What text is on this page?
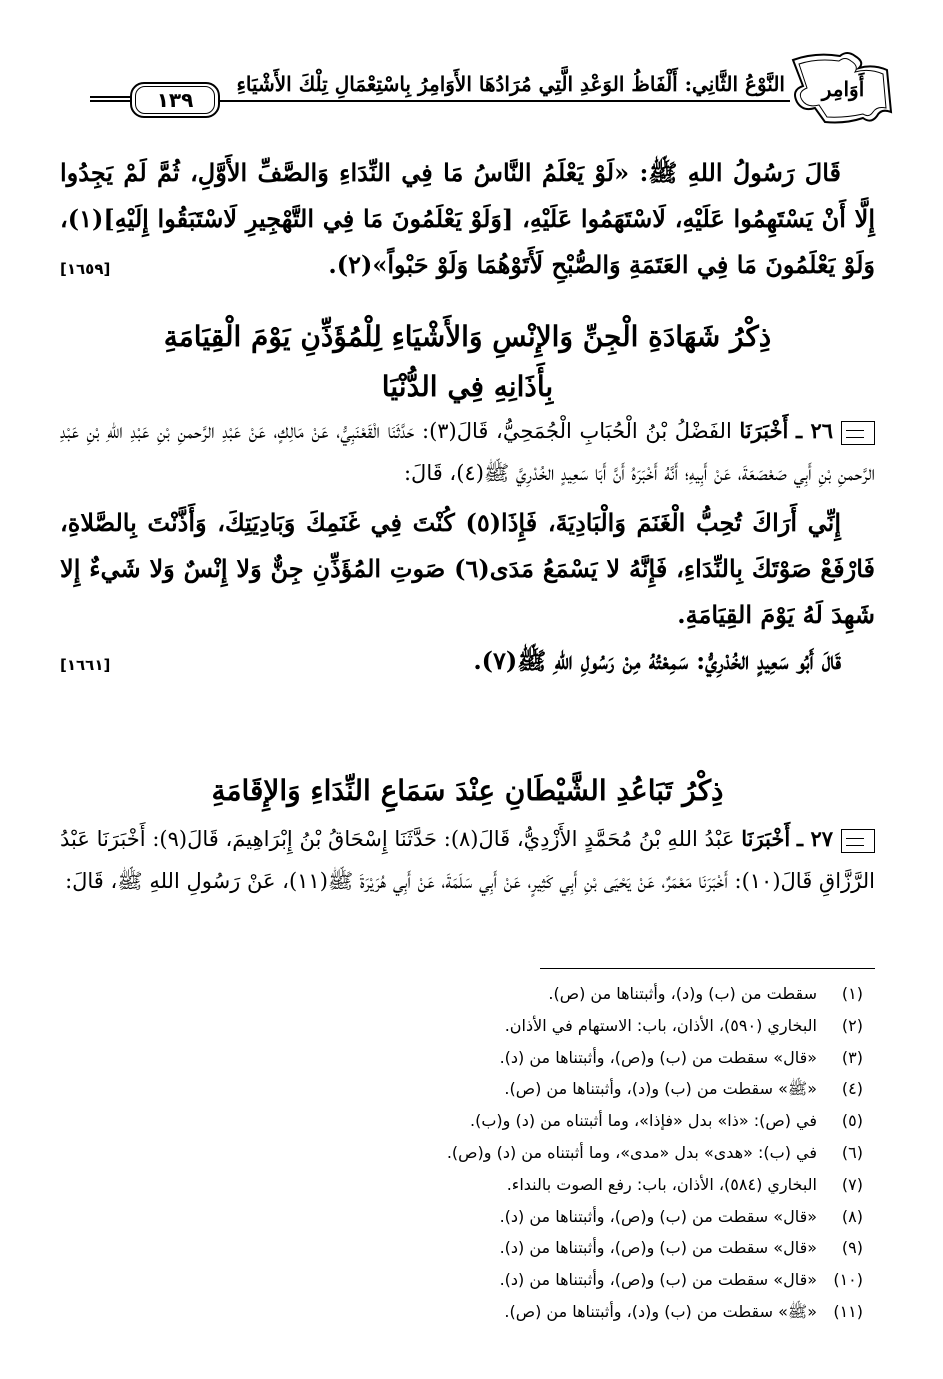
النَّوْعُ الثَّانِي: أَلْفَاظُ الوَعْدِ الَّتِي مُرَادُهَا الأَوَامِرُ بِاسْتِعْمَالِ تِلْكَ الأَشْيَاءِ
١٣٩	أَوَامِر

قَالَ رَسُولُ اللهِ ﷺ: «لَوْ يَعْلَمُ النَّاسُ مَا فِي النِّدَاءِ وَالصَّفِّ الأَوَّلِ، ثُمَّ لَمْ يَجِدُوا إِلَّا أَنْ يَسْتَهِمُوا عَلَيْهِ، لَاسْتَهَمُوا عَلَيْهِ، [وَلَوْ يَعْلَمُونَ مَا فِي التَّهْجِيرِ لَاسْتَبَقُوا إِلَيْهِ](١)، وَلَوْ يَعْلَمُونَ مَا فِي العَتَمَةِ وَالصُّبْحِ لَأَتَوْهُمَا وَلَوْ حَبْواً»(٢).
[١٦٥٩]

ذِكْرُ شَهَادَةِ الْجِنِّ وَالإِنْسِ وَالأَشْيَاءِ لِلْمُؤَذِّنِ يَوْمَ الْقِيَامَةِ
بِأَذَانِهِ فِي الدُّنْيَا

٢٦ ـ أَخْبَرَنَا الفَضْلُ بْنُ الْحُبَابِ الْجُمَحِيُّ، قَالَ(٣): حَدَّثَنَا الْقَعْنَبِيُّ، عَنْ مَالِكٍ، عَنْ عَبْدِ الرَّحمنِ بْنِ عَبْدِ اللهِ بْنِ عَبْدِ الرَّحمنِ بْنِ أَبِي صَعْصَعَةَ، عَنْ أَبِيهِ؛ أَنَّهُ أَخْبَرَهُ أَنَّ أَبَا سَعِيدٍ الخُدْرِيَّ ﷺ(٤)، قَالَ:

إِنِّي أَرَاكَ تُحِبُّ الْغَنَمَ وَالْبَادِيَةَ، فَإِذَا(٥) كُنْتَ فِي غَنَمِكَ وَبَادِيَتِكَ، وَأَذَّنْتَ بِالصَّلاةِ، فَارْفَعْ صَوْتَكَ بِالنِّدَاءِ، فَإِنَّهُ لا يَسْمَعُ مَدَى(٦) صَوتِ المُؤَذِّنِ جِنٌّ وَلا إِنْسٌ وَلا شَيءٌ إِلا شَهِدَ لَهُ يَوْمَ القِيَامَةِ.

قَالَ أَبُو سَعِيدٍ الخُدْرِيُّ: سَمِعْتُهُ مِنْ رَسُولِ اللهِ ﷺ(٧).
[١٦٦١]

ذِكْرُ تَبَاعُدِ الشَّيْطَانِ عِنْدَ سَمَاعِ النِّدَاءِ وَالإِقَامَةِ

٢٧ ـ أَخْبَرَنَا عَبْدُ اللهِ بْنُ مُحَمَّدٍ الأَزْدِيُّ، قَالَ(٨): حَدَّثَنَا إِسْحَاقُ بْنُ إِبْرَاهِيمَ، قَالَ(٩): أَخْبَرَنَا عَبْدُ الرَّزَّاقِ قَالَ(١٠): أَخْبَرَنَا مَعْمَرٌ، عَنْ يَحْيَى بْنِ أَبِي كَثِيرٍ، عَنْ أَبِي سَلَمَةَ، عَنْ أَبِي هُرَيْرَةَ ﷺ(١١)، عَنْ رَسُولِ اللهِ ﷺ، قَالَ:

(١)سقطت من (ب) و(د)، وأثبتناها من (ص).
(٢)البخاري (٥٩٠)، الأذان، باب: الاستهام في الأذان.
(٣)«قال» سقطت من (ب) و(ص)، وأثبتناها من (د).
(٤)«ﷺ» سقطت من (ب) و(د)، وأثبتناها من (ص).
(٥)في (ص): «ذا» بدل «فإذا»، وما أثبتناه من (د) و(ب).
(٦)في (ب): «هدى» بدل «مدى»، وما أثبتناه من (د) و(ص).
(٧)البخاري (٥٨٤)، الأذان، باب: رفع الصوت بالنداء.
(٨)«قال» سقطت من (ب) و(ص)، وأثبتناها من (د).
(٩)«قال» سقطت من (ب) و(ص)، وأثبتناها من (د).
(١٠)«قال» سقطت من (ب) و(ص)، وأثبتناها من (د).
(١١)«ﷺ» سقطت من (ب) و(د)، وأثبتناها من (ص).
